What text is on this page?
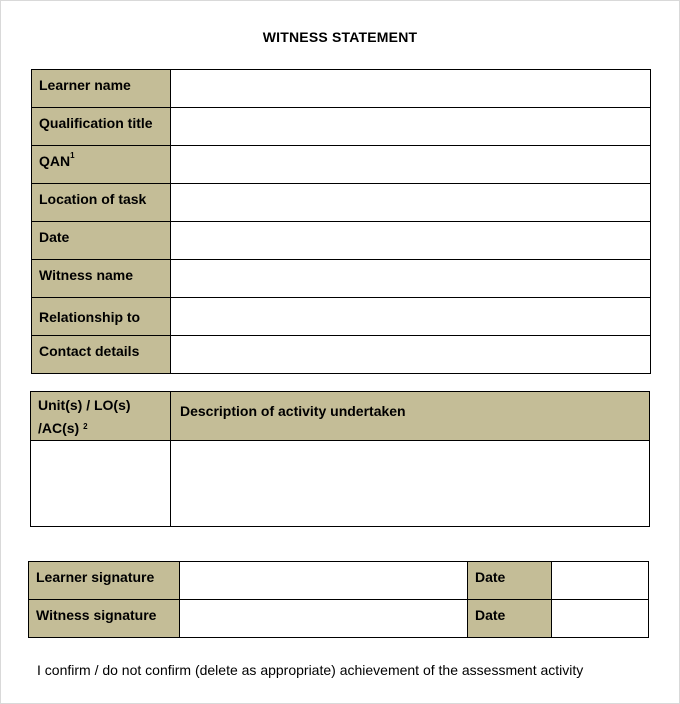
WITNESS STATEMENT
Learner name	

Qualification title	

QAN$^1$

Location of task	

Date	

Witness name	

Relationship to	

Contact details	

Unit(s) / LO(s)
/AC(s) $^2$	Description of activity undertaken

Learner signature		Date	

Witness signature		Date	

I confirm / do not confirm (delete as appropriate) achievement of the assessment activity
